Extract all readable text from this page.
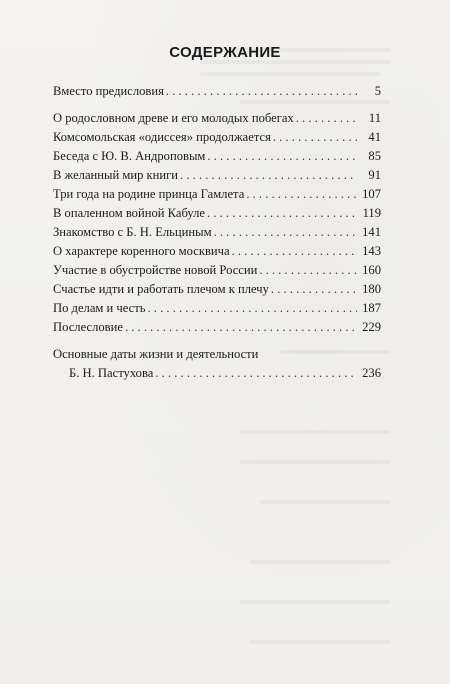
СОДЕРЖАНИЕ
Вместо предисловия . . .	5
О родословном древе и его молодых побегах . . .	11
Комсомольская «одиссея» продолжается . . .	41
Беседа с Ю. В. Андроповым . . .	85
В желанный мир книги . . .	91
Три года на родине принца Гамлета . . .	107
В опаленном войной Кабуле . . .	119
Знакомство с Б. Н. Ельциным . . .	141
О характере коренного москвича . . .	143
Участие в обустройстве новой России . . .	160
Счастье идти и работать плечом к плечу . . .	180
По делам и честь . . .	187
Послесловие . . .	229
Основные даты жизни и деятельности
Б. Н. Пастухова . . .	236
